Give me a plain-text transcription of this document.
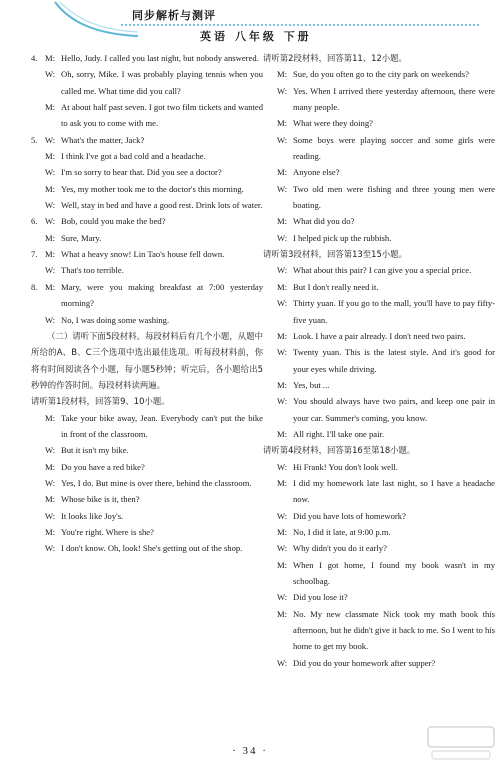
同步解析与测评
英语 八年级 下册
4. M: Hello, Judy. I called you last night, but nobody answered.
W: Oh, sorry, Mike. I was probably playing tennis when you called me. What time did you call?
M: At about half past seven. I got two film tickets and wanted to ask you to come with me.
5. W: What's the matter, Jack?
M: I think I've got a bad cold and a headache.
W: I'm so sorry to hear that. Did you see a doctor?
M: Yes, my mother took me to the doctor's this morning.
W: Well, stay in bed and have a good rest. Drink lots of water.
6. W: Bob, could you make the bed?
M: Sure, Mary.
7. M: What a heavy snow! Lin Tao's house fell down.
W: That's too terrible.
8. M: Mary, were you making breakfast at 7:00 yesterday morning?
W: No, I was doing some washing.
（二）请听下面5段材料。每段材料后有几个小题，从题中所给的A、B、C三个选项中选出最佳选项。听每段材料前，你将有时间阅读各个小题，每小题5秒钟；听完后，各小题给出5秒钟的作答时间。每段材料读两遍。
请听第1段材料，回答第9、10小题。
M: Take your bike away, Jean. Everybody can't put the bike in front of the classroom.
W: But it isn't my bike.
M: Do you have a red bike?
W: Yes, I do. But mine is over there, behind the classroom.
M: Whose bike is it, then?
W: It looks like Joy's.
M: You're right. Where is she?
W: I don't know. Oh, look! She's getting out of the shop.
请听第2段材料，回答第11、12小题。
M: Sue, do you often go to the city park on weekends?
W: Yes. When I arrived there yesterday afternoon, there were many people.
M: What were they doing?
W: Some boys were playing soccer and some girls were reading.
M: Anyone else?
W: Two old men were fishing and three young men were boating.
M: What did you do?
W: I helped pick up the rubbish.
请听第3段材料，回答第13至15小题。
W: What about this pair? I can give you a special price.
M: But I don't really need it.
W: Thirty yuan. If you go to the mall, you'll have to pay fifty-five yuan.
M: Look. I have a pair already. I don't need two pairs.
W: Twenty yuan. This is the latest style. And it's good for your eyes while driving.
M: Yes, but ...
W: You should always have two pairs, and keep one pair in your car. Summer's coming, you know.
M: All right. I'll take one pair.
请听第4段材料，回答第16至第18小题。
W: Hi Frank! You don't look well.
M: I did my homework late last night, so I have a headache now.
W: Did you have lots of homework?
M: No, I did it late, at 9:00 p.m.
W: Why didn't you do it early?
M: When I got home, I found my book wasn't in my schoolbag.
W: Did you lose it?
M: No. My new classmate Nick took my math book this afternoon, but he didn't give it back to me. So I went to his home to get my book.
W: Did you do your homework after supper?
· 34 ·
